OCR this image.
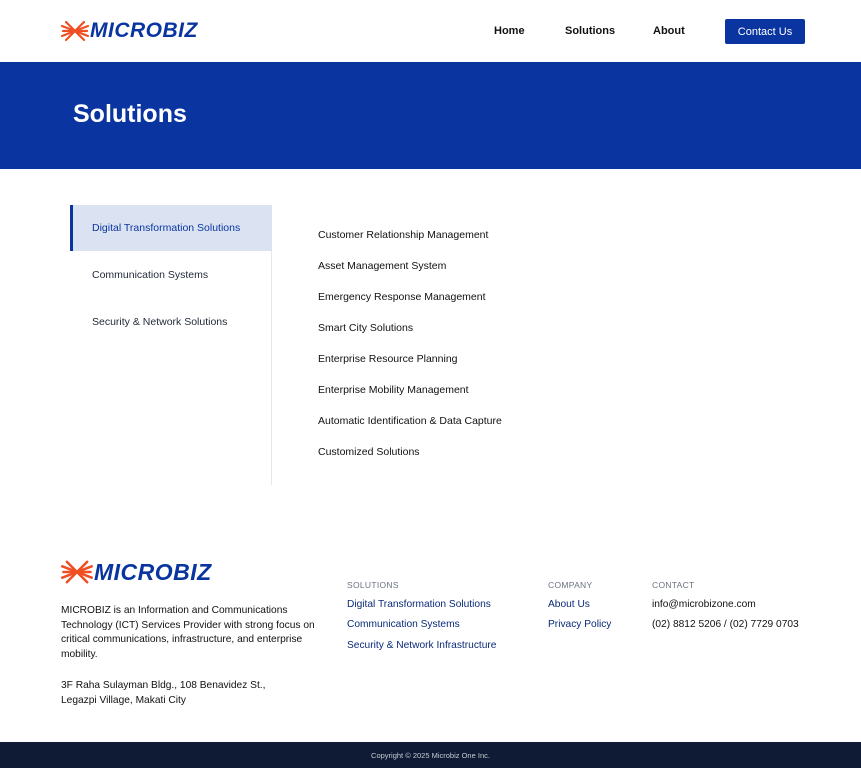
MICROBIZ	Home	Solutions	About	Contact Us
Solutions
Digital Transformation Solutions
Communication Systems
Security & Network Solutions
Customer Relationship Management
Asset Management System
Emergency Response Management
Smart City Solutions
Enterprise Resource Planning
Enterprise Mobility Management
Automatic Identification & Data Capture
Customized Solutions
MICROBIZ

MICROBIZ is an Information and Communications Technology (ICT) Services Provider with strong focus on critical communications, infrastructure, and enterprise mobility.

3F Raha Sulayman Bldg., 108 Benavidez St.,
Legazpi Village, Makati City

SOLUTIONS
Digital Transformation Solutions
Communication Systems
Security & Network Infrastructure
COMPANY
About Us
Privacy Policy
CONTACT
info@microbizone.com
(02) 8812 5206 / (02) 7729 0703
Copyright © 2025 Microbiz One Inc.
